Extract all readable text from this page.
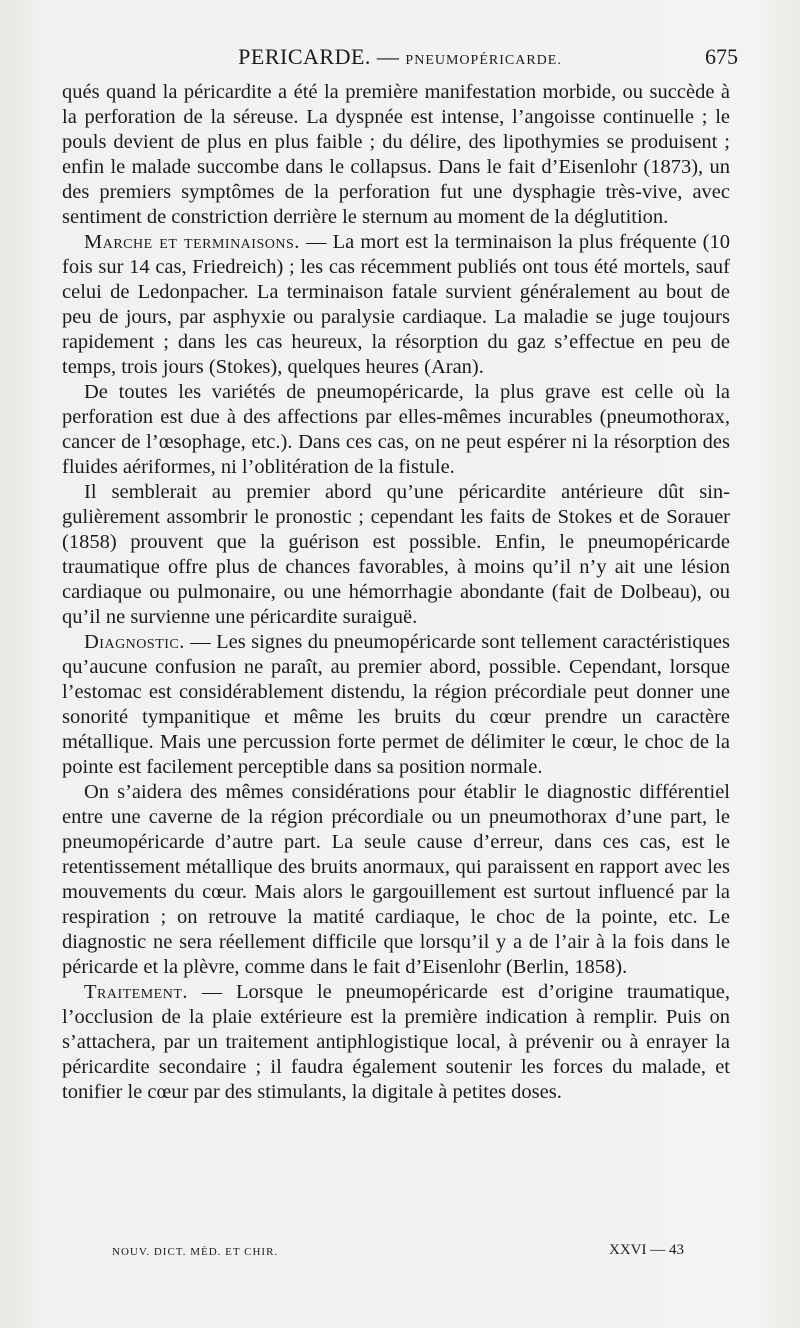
PERICARDE. — PNEUMOPÉRICARDE.	675

qués quand la péricardite a été la première manifestation morbide, ou succède à la perforation de la séreuse. La dyspnée est intense, l’angoisse continuelle ; le pouls devient de plus en plus faible ; du délire, des lipothymies se produisent ; enfin le malade succombe dans le collapsus. Dans le fait d’Eisenlohr (1873), un des premiers symptômes de la perforation fut une dysphagie très-vive, avec sentiment de constriction derrière le sternum au moment de la déglutition.

Marche et terminaisons. — La mort est la terminaison la plus fréquente (10 fois sur 14 cas, Friedreich) ; les cas récemment publiés ont tous été mortels, sauf celui de Ledonpacher. La terminaison fatale survient généralement au bout de peu de jours, par asphyxie ou paralysie cardiaque. La maladie se juge toujours rapidement ; dans les cas heureux, la résorption du gaz s’effectue en peu de temps, trois jours (Stokes), quelques heures (Aran).

De toutes les variétés de pneumopéricarde, la plus grave est celle où la perforation est due à des affections par elles-mêmes incurables (pneumothorax, cancer de l’œsophage, etc.). Dans ces cas, on ne peut espérer ni la résorption des fluides aériformes, ni l’oblitération de la fistule.

Il semblerait au premier abord qu’une péricardite antérieure dût singulièrement assombrir le pronostic ; cependant les faits de Stokes et de Sorauer (1858) prouvent que la guérison est possible. Enfin, le pneumopéricarde traumatique offre plus de chances favorables, à moins qu’il n’y ait une lésion cardiaque ou pulmonaire, ou une hémorrhagie abondante (fait de Dolbeau), ou qu’il ne survienne une péricardite suraiguë.

Diagnostic. — Les signes du pneumopéricarde sont tellement caractéristiques qu’aucune confusion ne paraît, au premier abord, possible. Cependant, lorsque l’estomac est considérablement distendu, la région précordiale peut donner une sonorité tympanitique et même les bruits du cœur prendre un caractère métallique. Mais une percussion forte permet de délimiter le cœur, le choc de la pointe est facilement perceptible dans sa position normale.

On s’aidera des mêmes considérations pour établir le diagnostic différentiel entre une caverne de la région précordiale ou un pneumothorax d’une part, le pneumopéricarde d’autre part. La seule cause d’erreur, dans ces cas, est le retentissement métallique des bruits anormaux, qui paraissent en rapport avec les mouvements du cœur. Mais alors le gargouillement est surtout influencé par la respiration ; on retrouve la matité cardiaque, le choc de la pointe, etc. Le diagnostic ne sera réellement difficile que lorsqu’il y a de l’air à la fois dans le péricarde et la plèvre, comme dans le fait d’Eisenlohr (Berlin, 1858).

Traitement. — Lorsque le pneumopéricarde est d’origine traumatique, l’occlusion de la plaie extérieure est la première indication à remplir. Puis on s’attachera, par un traitement antiphlogistique local, à prévenir ou à enrayer la péricardite secondaire ; il faudra également soutenir les forces du malade, et tonifier le cœur par des stimulants, la digitale à petites doses.

NOUV. DICT. MÉD. ET CHIR.	XXVI — 43
